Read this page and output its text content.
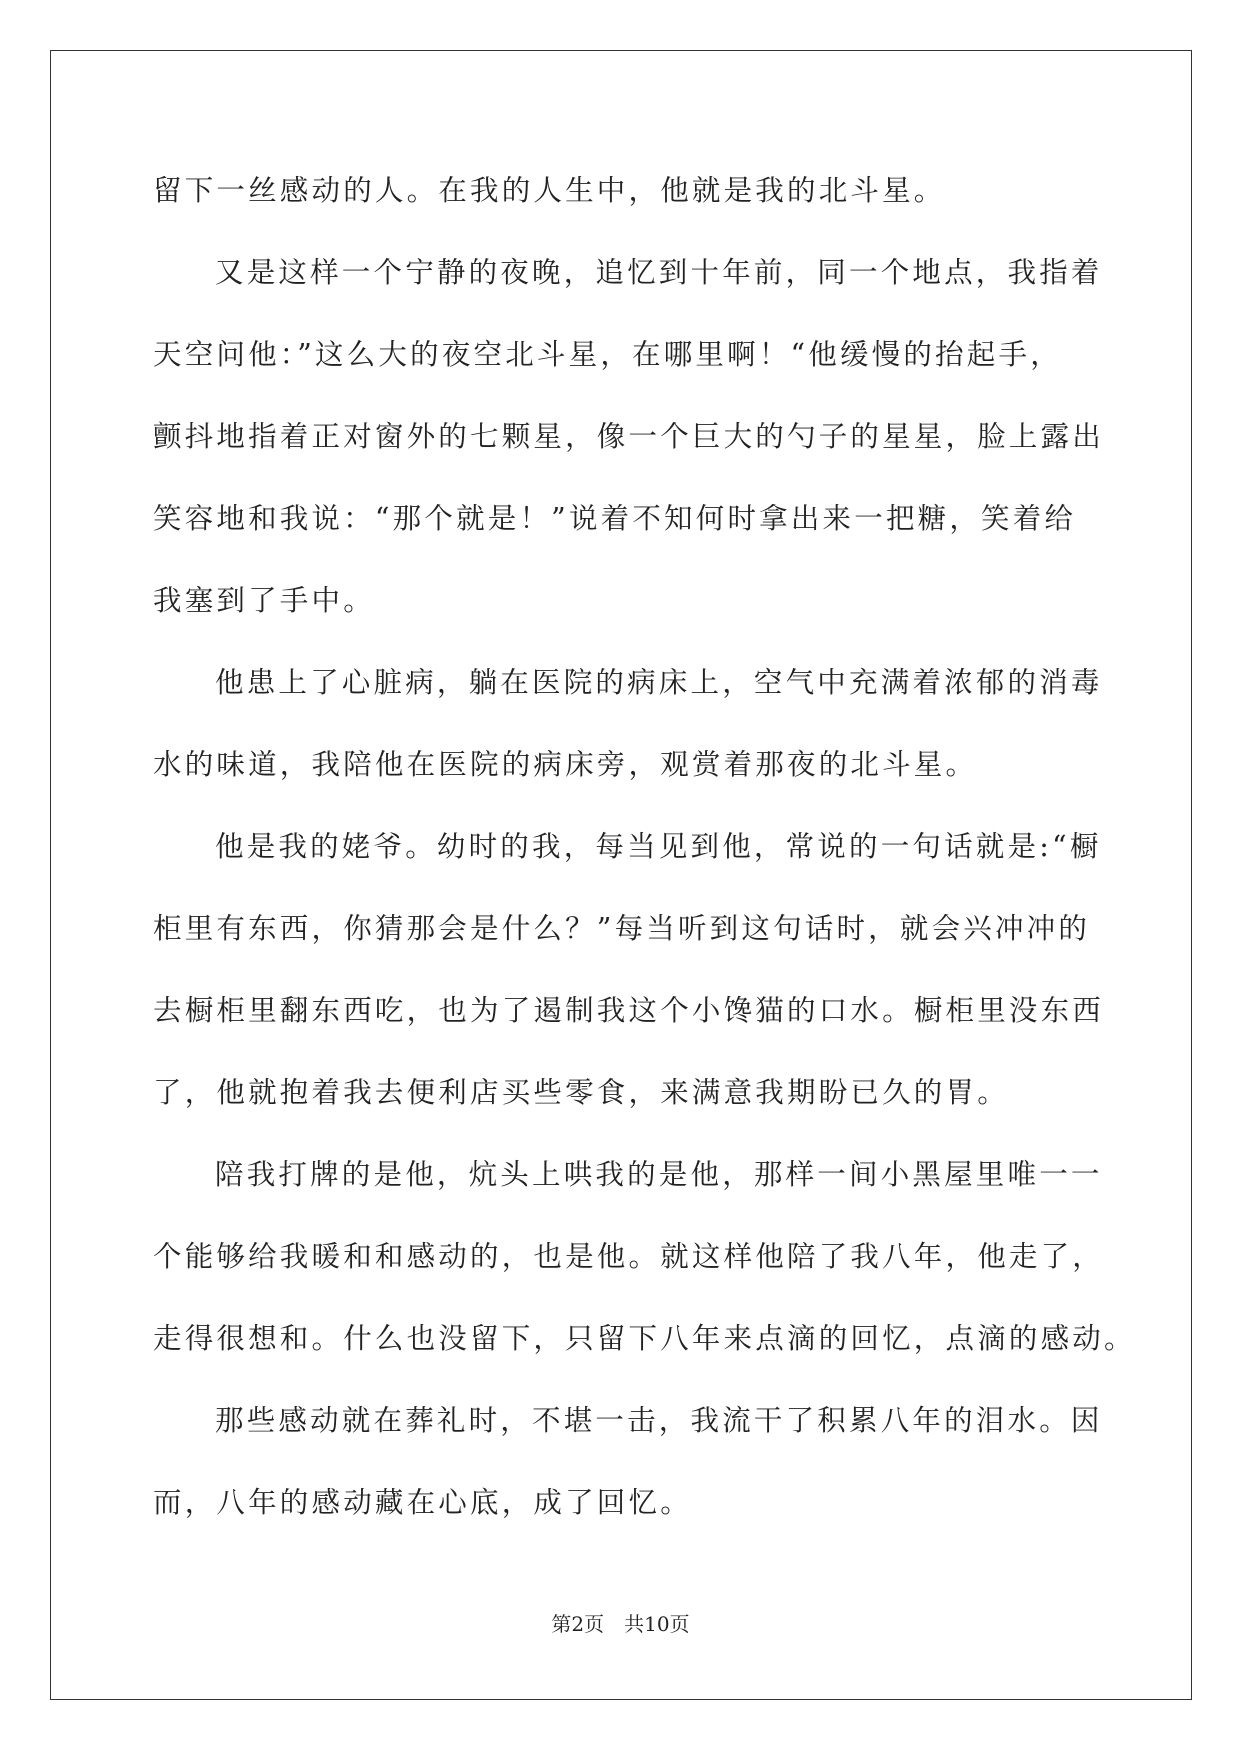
留下一丝感动的人。在我的人生中，他就是我的北斗星。
又是这样一个宁静的夜晚，追忆到十年前，同一个地点，我指着
天空问他：”这么大的夜空北斗星，在哪里啊！“他缓慢的抬起手，
颤抖地指着正对窗外的七颗星，像一个巨大的勺子的星星，脸上露出
笑容地和我说：“那个就是！”说着不知何时拿出来一把糖，笑着给
我塞到了手中。
他患上了心脏病，躺在医院的病床上，空气中充满着浓郁的消毒
水的味道，我陪他在医院的病床旁，观赏着那夜的北斗星。
他是我的姥爷。幼时的我，每当见到他，常说的一句话就是:“橱
柜里有东西，你猜那会是什么？”每当听到这句话时，就会兴冲冲的
去橱柜里翻东西吃，也为了遏制我这个小馋猫的口水。橱柜里没东西
了，他就抱着我去便利店买些零食，来满意我期盼已久的胃。
陪我打牌的是他，炕头上哄我的是他，那样一间小黑屋里唯一一
个能够给我暖和和感动的，也是他。就这样他陪了我八年，他走了，
走得很想和。什么也没留下，只留下八年来点滴的回忆，点滴的感动。
那些感动就在葬礼时，不堪一击，我流干了积累八年的泪水。因
而，八年的感动藏在心底，成了回忆。
第2页　共10页
